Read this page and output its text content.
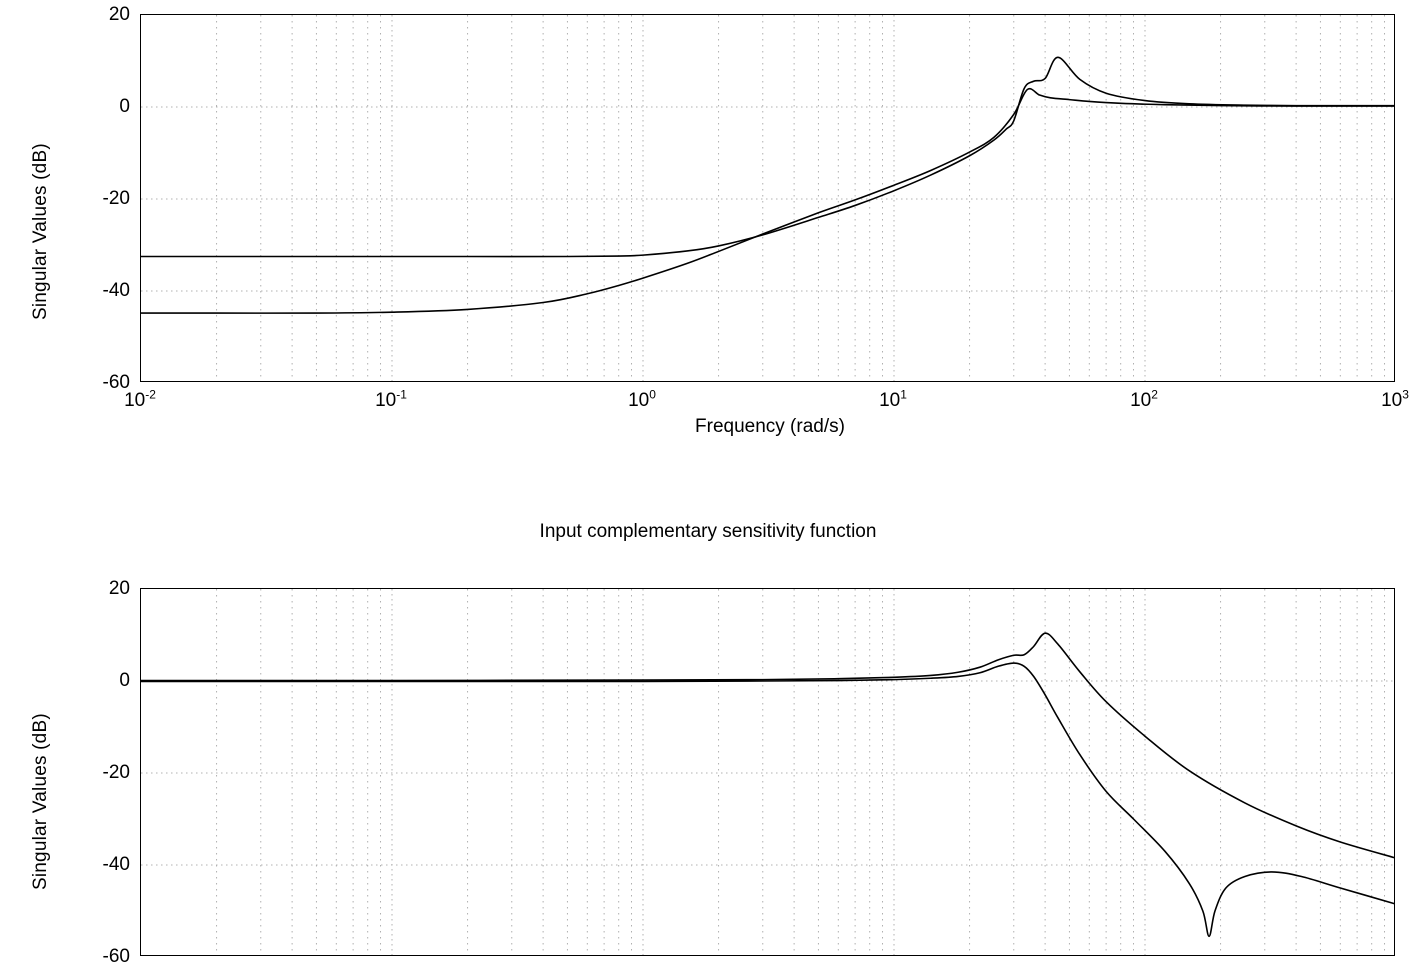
Singular Values (dB)
20
0
-20
-40
-60
$10^{-2}$	$10^{-1}$	$10^0$	$10^1$	$10^2$	$10^3$
Frequency (rad/s)
Input complementary sensitivity function
Singular Values (dB)
20
0
-20
-40
-60
